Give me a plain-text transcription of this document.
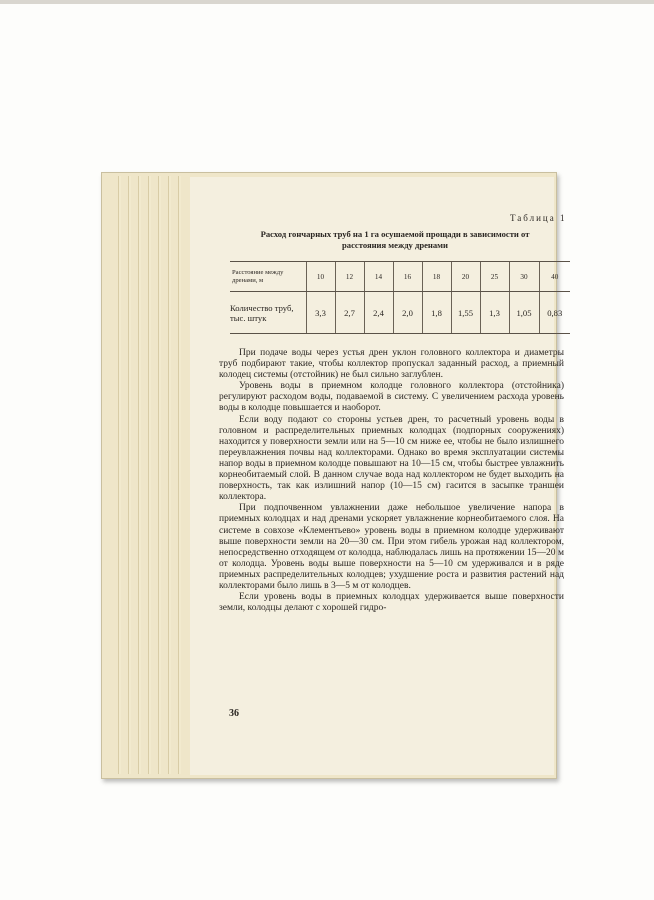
Таблица 1
Расход гончарных труб на 1 га осушаемой прощади в зависимости от
расстояния между дренами
Расстояние между дренами, м	10	12	14	16	18	20	25	30	40
Количество труб, тыс. штук	3,3	2,7	2,4	2,0	1,8	1,55	1,3	1,05	0,83

При подаче воды через устья дрен уклон головного коллектора и диаметры труб подбирают такие, чтобы коллектор пропускал заданный расход, а приемный колодец системы (отстойник) не был сильно заглублен.

Уровень воды в приемном колодце головного коллектора (отстойника) регулируют расходом воды, подаваемой в систему. С увеличением расхода уровень воды в колодце повышается и наоборот.

Если воду подают со стороны устьев дрен, то расчетный уровень воды в головном и распределительных приемных колодцах (подпорных сооружениях) находится у поверхности земли или на 5—10 см ниже ее, чтобы не было излишнего переувлажнения почвы над коллекторами. Однако во время эксплуатации системы напор воды в приемном колодце повышают на 10—15 см, чтобы быстрее увлажнить корнеобитаемый слой. В данном случае вода над коллектором не будет выходить на поверхность, так как излишний напор (10—15 см) гасится в засыпке траншеи коллектора.

При подпочвенном увлажнении даже небольшое увеличение напора в приемных колодцах и над дренами ускоряет увлажнение корнеобитаемого слоя. На системе в совхозе «Клементьево» уровень воды в приемном колодце удерживают выше поверхности земли на 20—30 см. При этом гибель урожая над коллектором, непосредственно отходящем от колодца, наблюдалась лишь на протяжении 15—20 м от колодца. Уровень воды выше поверхности на 5—10 см удерживался и в ряде приемных распределительных колодцев; ухудшение роста и развития растений над коллекторами было лишь в 3—5 м от колодцев.

Если уровень воды в приемных колодцах удерживается выше поверхности земли, колодцы делают с хорошей гидро-

36
